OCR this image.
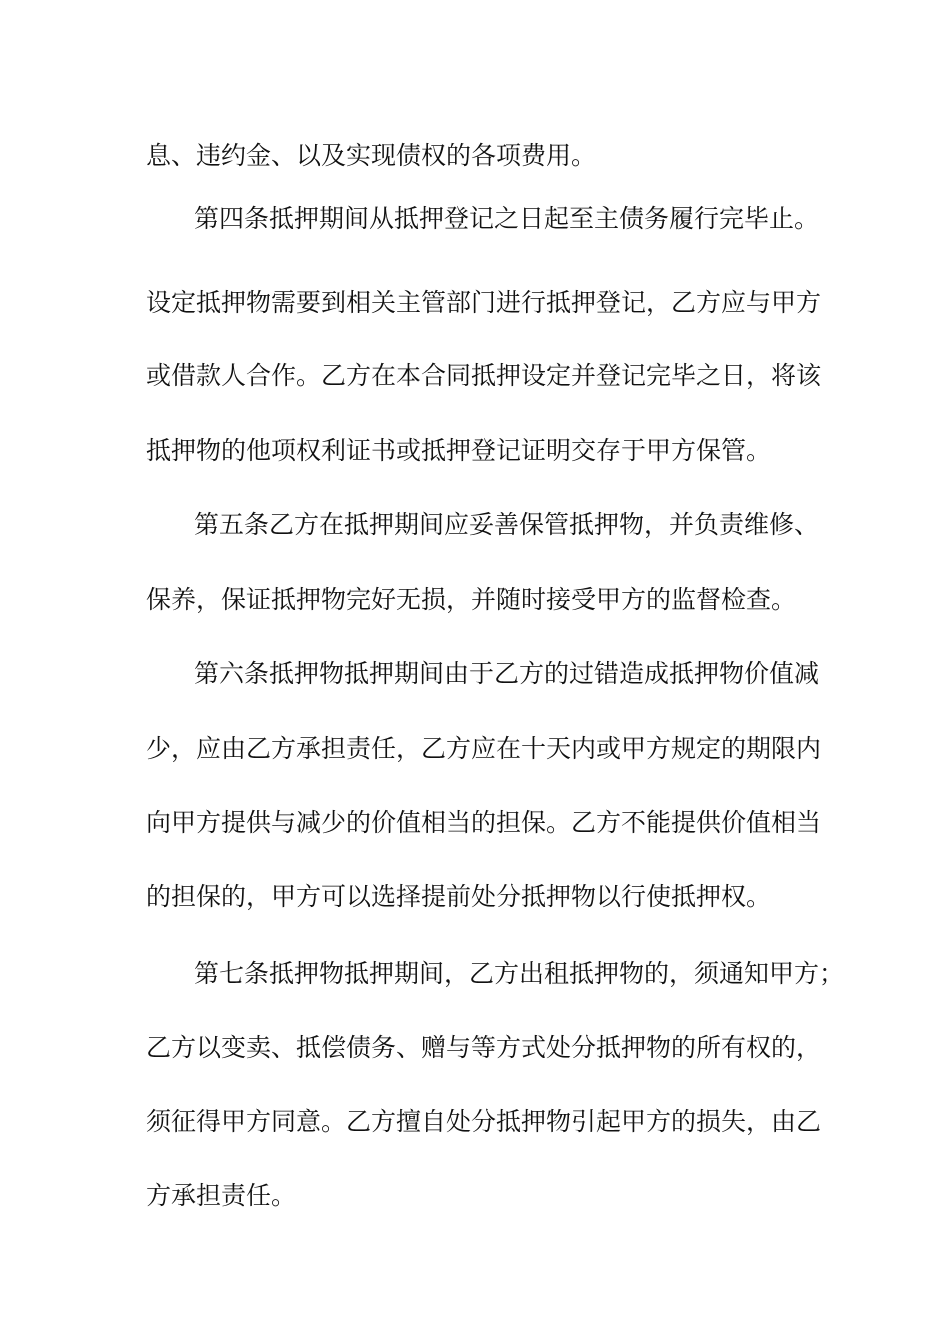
息、违约金、以及实现债权的各项费用。
第四条抵押期间从抵押登记之日起至主债务履行完毕止。
设定抵押物需要到相关主管部门进行抵押登记，乙方应与甲方
或借款人合作。乙方在本合同抵押设定并登记完毕之日，将该
抵押物的他项权利证书或抵押登记证明交存于甲方保管。
第五条乙方在抵押期间应妥善保管抵押物，并负责维修、
保养，保证抵押物完好无损，并随时接受甲方的监督检查。
第六条抵押物抵押期间由于乙方的过错造成抵押物价值减
少，应由乙方承担责任，乙方应在十天内或甲方规定的期限内
向甲方提供与减少的价值相当的担保。乙方不能提供价值相当
的担保的，甲方可以选择提前处分抵押物以行使抵押权。
第七条抵押物抵押期间，乙方出租抵押物的，须通知甲方；
乙方以变卖、抵偿债务、赠与等方式处分抵押物的所有权的，
须征得甲方同意。乙方擅自处分抵押物引起甲方的损失，由乙
方承担责任。
